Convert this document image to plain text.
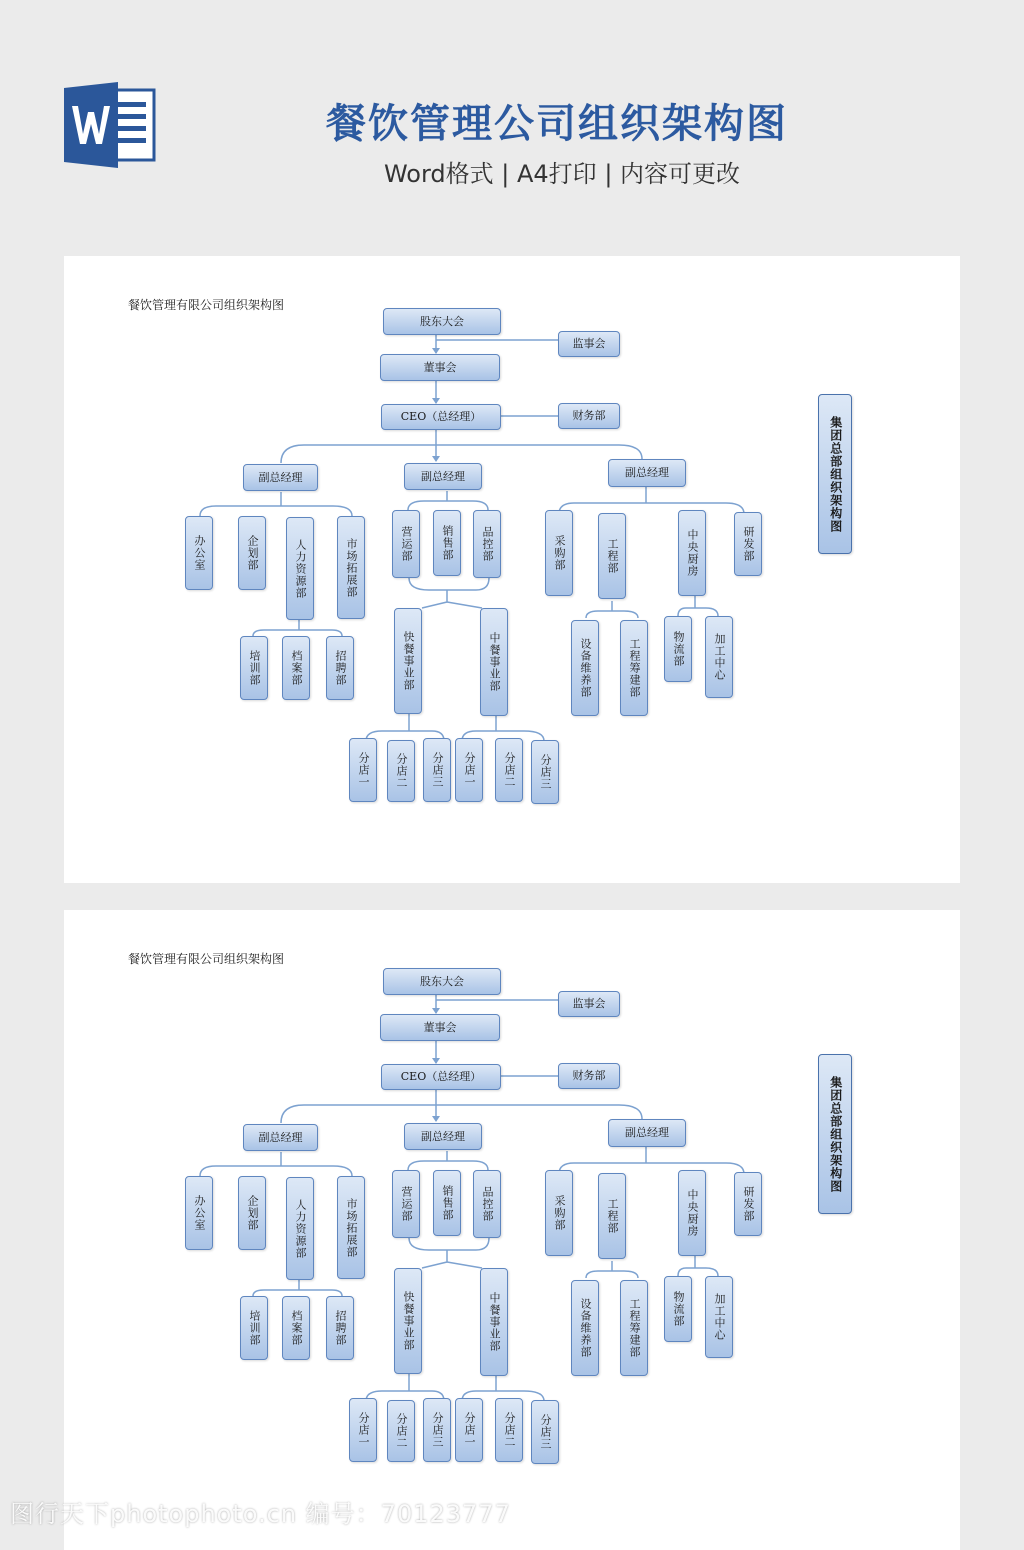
餐饮管理公司组织架构图
Word格式 | A4打印 | 内容可更改
餐饮管理有限公司组织架构图
股东大会
监事会
董事会
CEO（总经理）	财务部
副总经理	副总经理	副总经理
办公室	企划部	人力资源部	市场拓展部
培训部	档案部	招聘部
营运部	销售部	品控部
快餐事业部	中餐事业部
分店一	分店二	分店三	分店一	分店二	分店三
采购部	工程部	中央厨房	研发部
设备维养部	工程筹建部	物流部	加工中心
集团总部组织架构图
餐饮管理有限公司组织架构图
股东大会
监事会
董事会
CEO（总经理）	财务部
副总经理	副总经理	副总经理
办公室	企划部	人力资源部	市场拓展部
培训部	档案部	招聘部
营运部	销售部	品控部
快餐事业部	中餐事业部
分店一	分店二	分店三	分店一	分店二	分店三
采购部	工程部	中央厨房	研发部
设备维养部	工程筹建部	物流部	加工中心
集团总部组织架构图
图行天下photophoto.cn 编号：70123777
